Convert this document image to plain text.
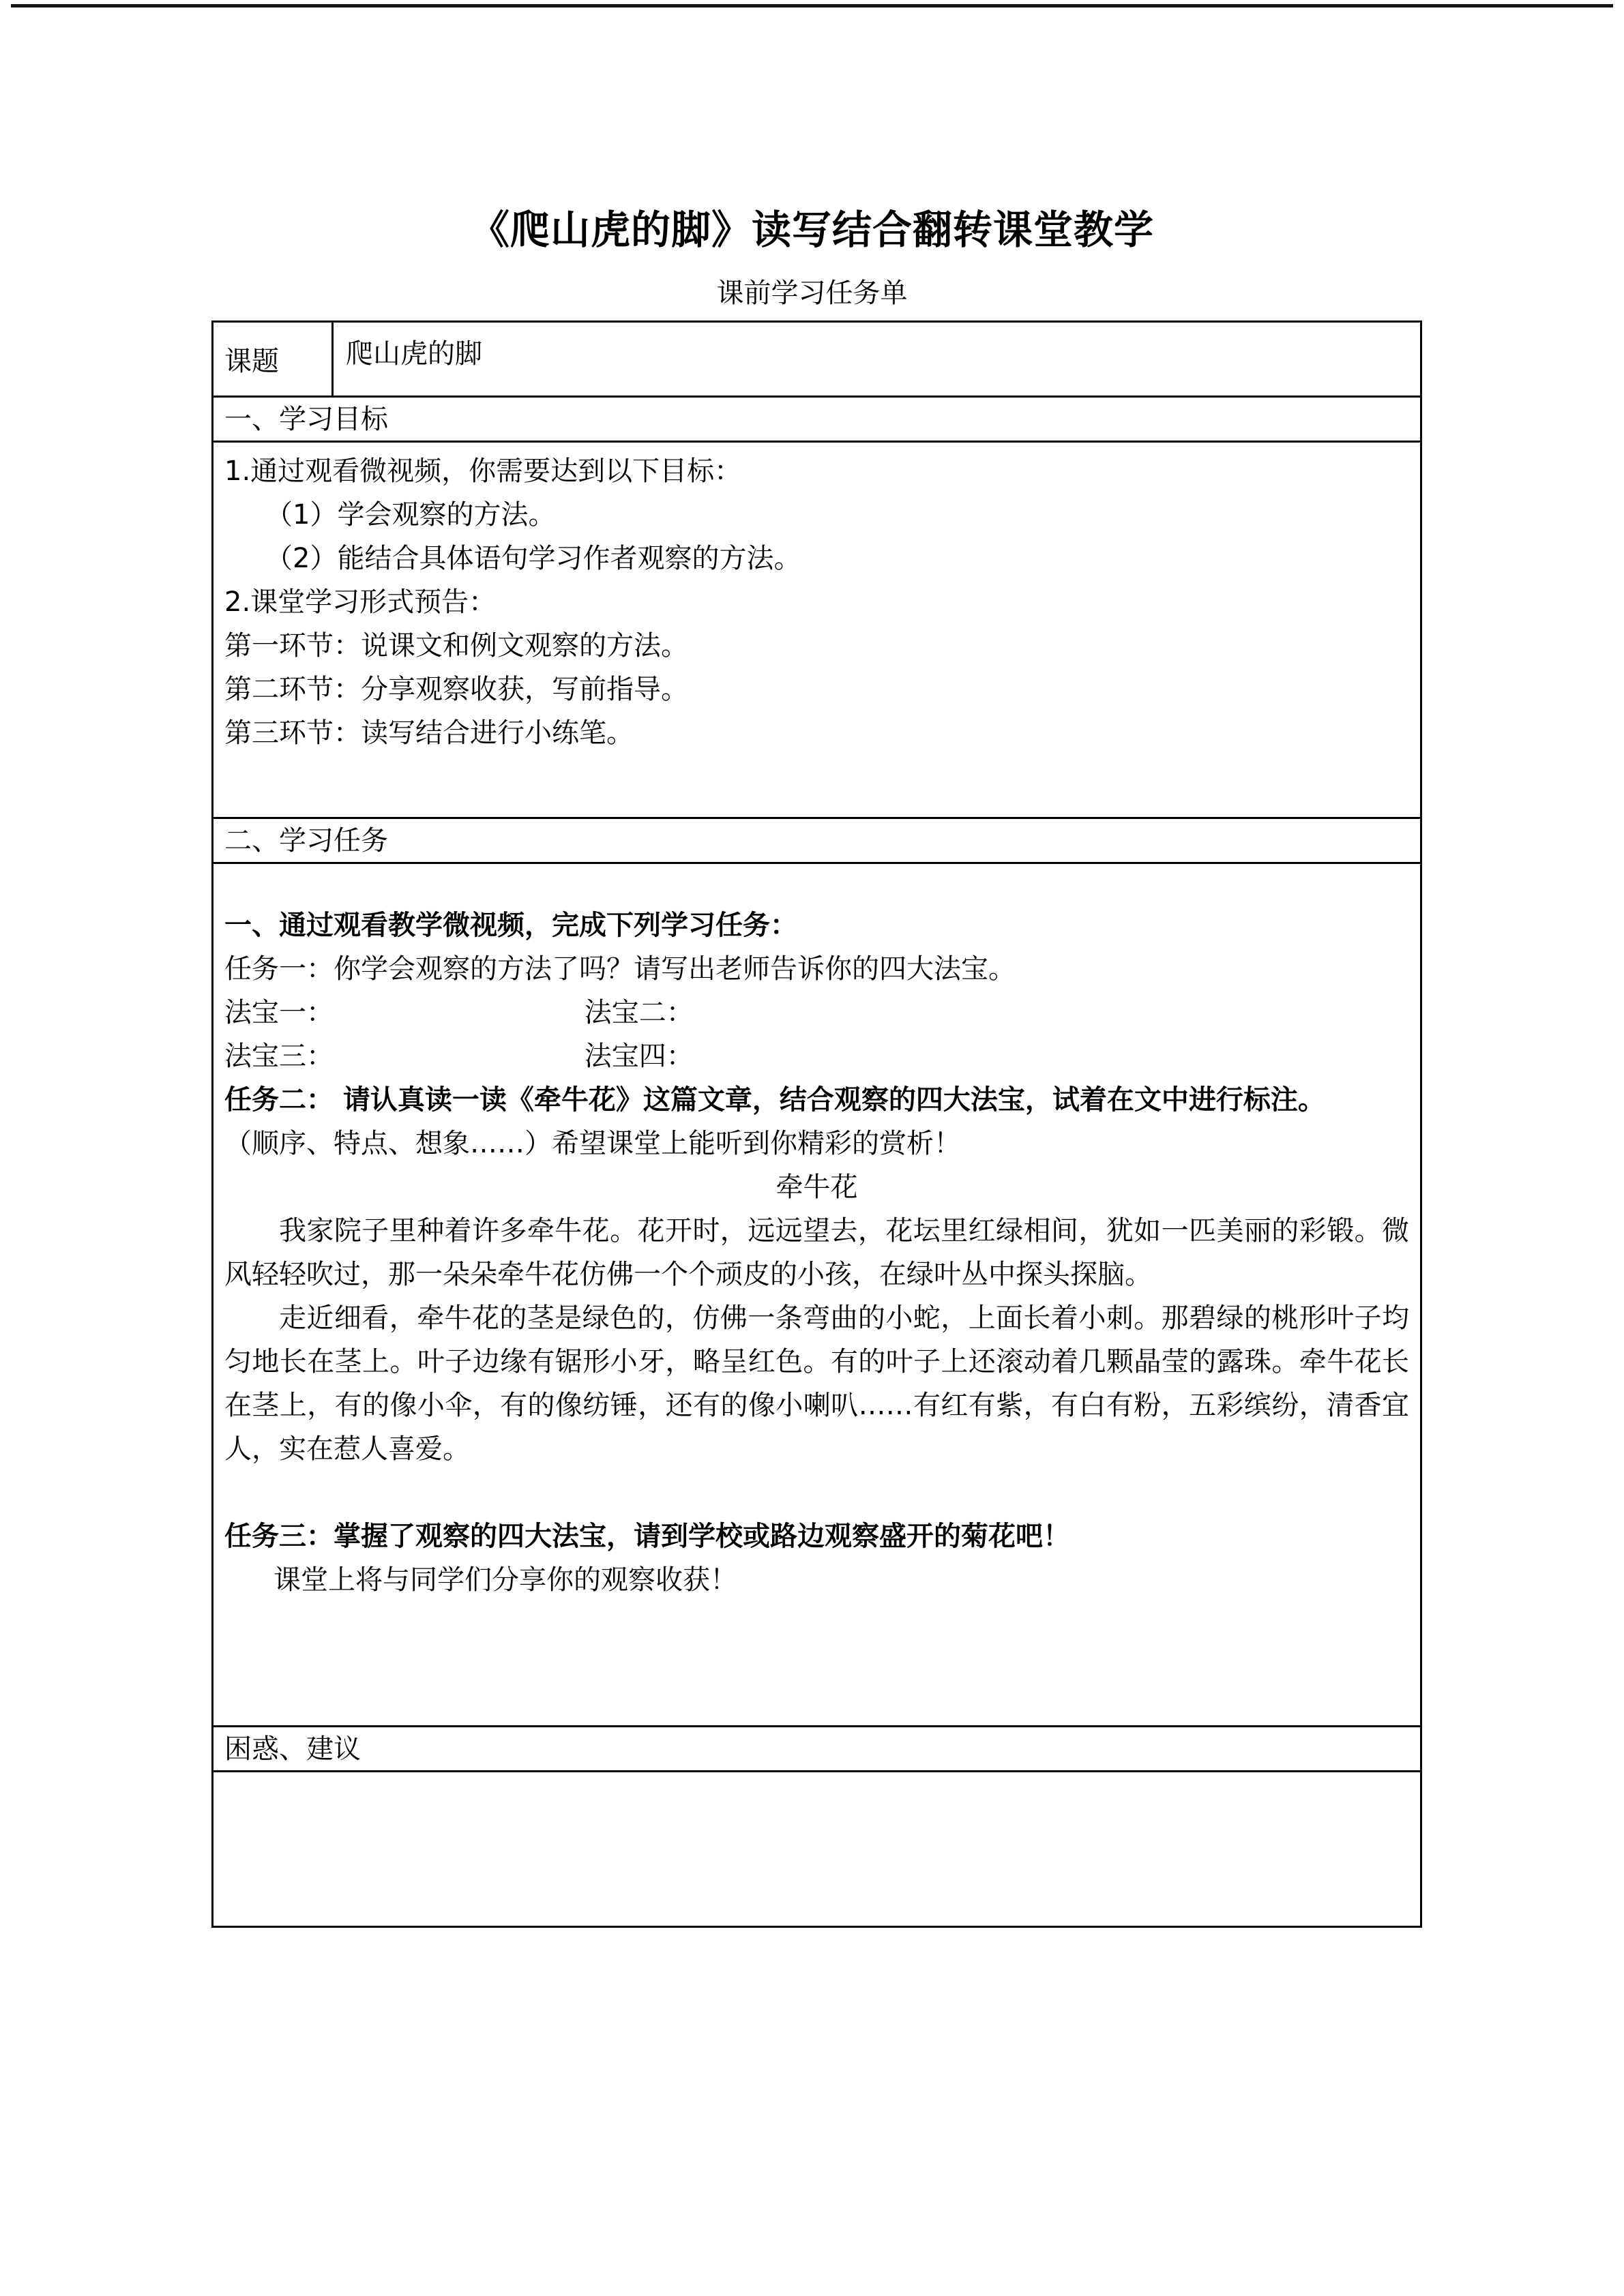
《爬山虎的脚》读写结合翻转课堂教学
课前学习任务单
课题	爬山虎的脚
一、学习目标

1.通过观看微视频，你需要达到以下目标：

（1）学会观察的方法。

（2）能结合具体语句学习作者观察的方法。

2.课堂学习形式预告：

第一环节：说课文和例文观察的方法。

第二环节：分享观察收获，写前指导。

第三环节：读写结合进行小练笔。

二、学习任务

一、通过观看教学微视频，完成下列学习任务：

任务一：你学会观察的方法了吗？请写出老师告诉你的四大法宝。

法宝一：	法宝二：

法宝三：	法宝四：

任务二： 请认真读一读《牵牛花》这篇文章，结合观察的四大法宝，试着在文中进行标注。

（顺序、特点、想象……）希望课堂上能听到你精彩的赏析！

牵牛花

我家院子里种着许多牵牛花。花开时，远远望去，花坛里红绿相间，犹如一匹美丽的彩锻。微风轻轻吹过，那一朵朵牵牛花仿佛一个个顽皮的小孩，在绿叶丛中探头探脑。

走近细看，牵牛花的茎是绿色的，仿佛一条弯曲的小蛇，上面长着小刺。那碧绿的桃形叶子均匀地长在茎上。叶子边缘有锯形小牙，略呈红色。有的叶子上还滚动着几颗晶莹的露珠。牵牛花长在茎上，有的像小伞，有的像纺锤，还有的像小喇叭……有红有紫，有白有粉，五彩缤纷，清香宜人，实在惹人喜爱。

任务三：掌握了观察的四大法宝，请到学校或路边观察盛开的菊花吧！

课堂上将与同学们分享你的观察收获！

困惑、建议
